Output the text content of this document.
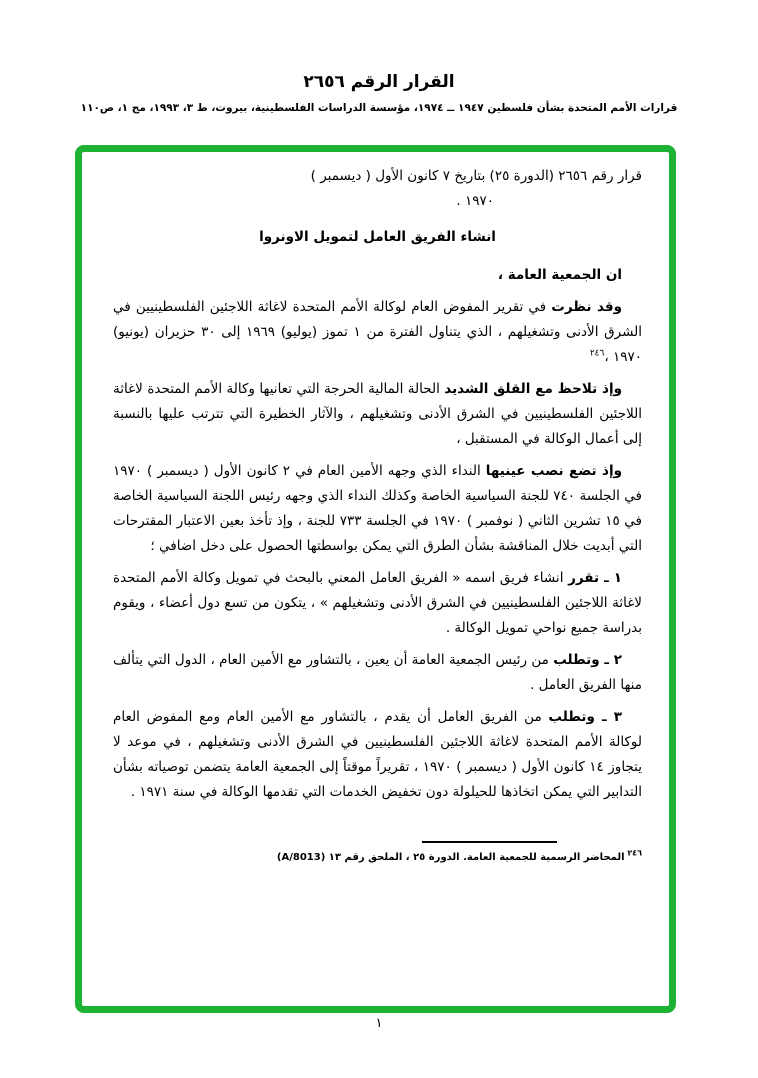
القرار الرقم ٢٦٥٦
قرارات الأمم المتحدة بشأن فلسطين ١٩٤٧ ــ ١٩٧٤، مؤسسة الدراسات الفلسطينية، بيروت، ط ٣، ١٩٩٣، مج ١، ص١١٠
قرار رقم ٢٦٥٦ (الدورة ٢٥) بتاريخ ٧ كانون الأول ( ديسمبر )
١٩٧٠ .
انشاء الفريق العامل لتمويل الاونروا
ان الجمعية العامة ،
وقد نظرت في تقرير المفوض العام لوكالة الأمم المتحدة لاغاثة اللاجئين الفلسطينيين في الشرق الأدنى وتشغيلهم ، الذي يتناول الفترة من ١ تموز (يوليو) ١٩٦٩ إلى ٣٠ حزيران (يونيو) ١٩٧٠ ،$^{٢٤٦}$
وإذ تلاحظ مع القلق الشديد الحالة المالية الحرجة التي تعانيها وكالة الأمم المتحدة لاغاثة اللاجئين الفلسطينيين في الشرق الأدنى وتشغيلهم ، والآثار الخطيرة التي تترتب عليها بالنسبة إلى أعمال الوكالة في المستقبل ،
وإذ تضع نصب عينيها النداء الذي وجهه الأمين العام في ٢ كانون الأول ( ديسمبر ) ١٩٧٠ في الجلسة ٧٤٠ للجنة السياسية الخاصة وكذلك النداء الذي وجهه رئيس اللجنة السياسية الخاصة في ١٥ تشرين الثاني ( نوفمبر ) ١٩٧٠ في الجلسة ٧٣٣ للجنة ، وإذ تأخذ بعين الاعتبار المقترحات التي أبديت خلال المناقشة بشأن الطرق التي يمكن بواسطتها الحصول على دخل اضافي ؛
١ ـ تقرر انشاء فريق اسمه « الفريق العامل المعني بالبحث في تمويل وكالة الأمم المتحدة لاغاثة اللاجئين الفلسطينيين في الشرق الأدنى وتشغيلهم » ، يتكون من تسع دول أعضاء ، ويقوم بدراسة جميع نواحي تمويل الوكالة .
٢ ـ وتطلب من رئيس الجمعية العامة أن يعين ، بالتشاور مع الأمين العام ، الدول التي يتألف منها الفريق العامل .
٣ ـ وتطلب من الفريق العامل أن يقدم ، بالتشاور مع الأمين العام ومع المفوض العام لوكالة الأمم المتحدة لاغاثة اللاجئين الفلسطينيين في الشرق الأدنى وتشغيلهم ، في موعد لا يتجاوز ١٤ كانون الأول ( ديسمبر ) ١٩٧٠ ، تقريراً موقتاً إلى الجمعية العامة يتضمن توصياته بشأن التدابير التي يمكن اتخاذها للحيلولة دون تخفيض الخدمات التي تقدمها الوكالة في سنة ١٩٧١ .
$^{٢٤٦}$ المحاضر الرسمية للجمعية العامة. الدورة ٢٥ ، الملحق رقم ١٣ (A/8013)
١
